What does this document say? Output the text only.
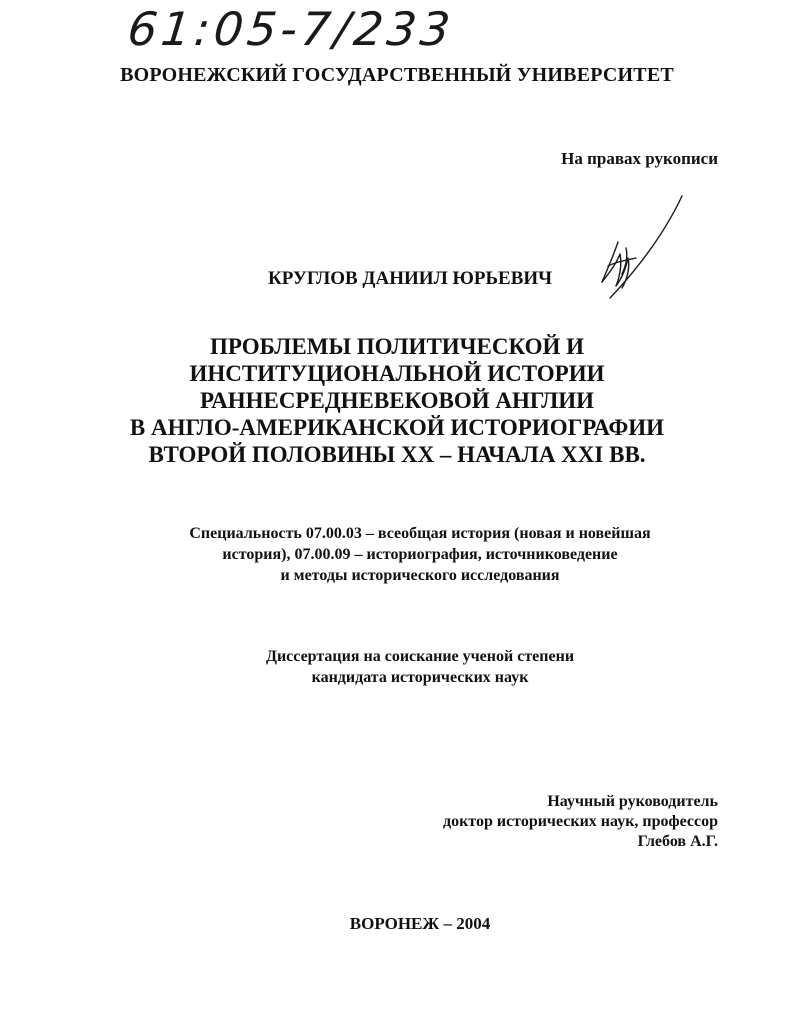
61:05-7/233
ВОРОНЕЖСКИЙ ГОСУДАРСТВЕННЫЙ УНИВЕРСИТЕТ
На правах рукописи
КРУГЛОВ ДАНИИЛ ЮРЬЕВИЧ
ПРОБЛЕМЫ ПОЛИТИЧЕСКОЙ И
ИНСТИТУЦИОНАЛЬНОЙ ИСТОРИИ
РАННЕСРЕДНЕВЕКОВОЙ АНГЛИИ
В АНГЛО-АМЕРИКАНСКОЙ ИСТОРИОГРАФИИ
ВТОРОЙ ПОЛОВИНЫ XX – НАЧАЛА XXI ВВ.
Специальность 07.00.03 – всеобщая история (новая и новейшая
история), 07.00.09 – историография, источниковедение
и методы исторического исследования
Диссертация на соискание ученой степени
кандидата исторических наук
Научный руководитель
доктор исторических наук, профессор
Глебов А.Г.
ВОРОНЕЖ – 2004
